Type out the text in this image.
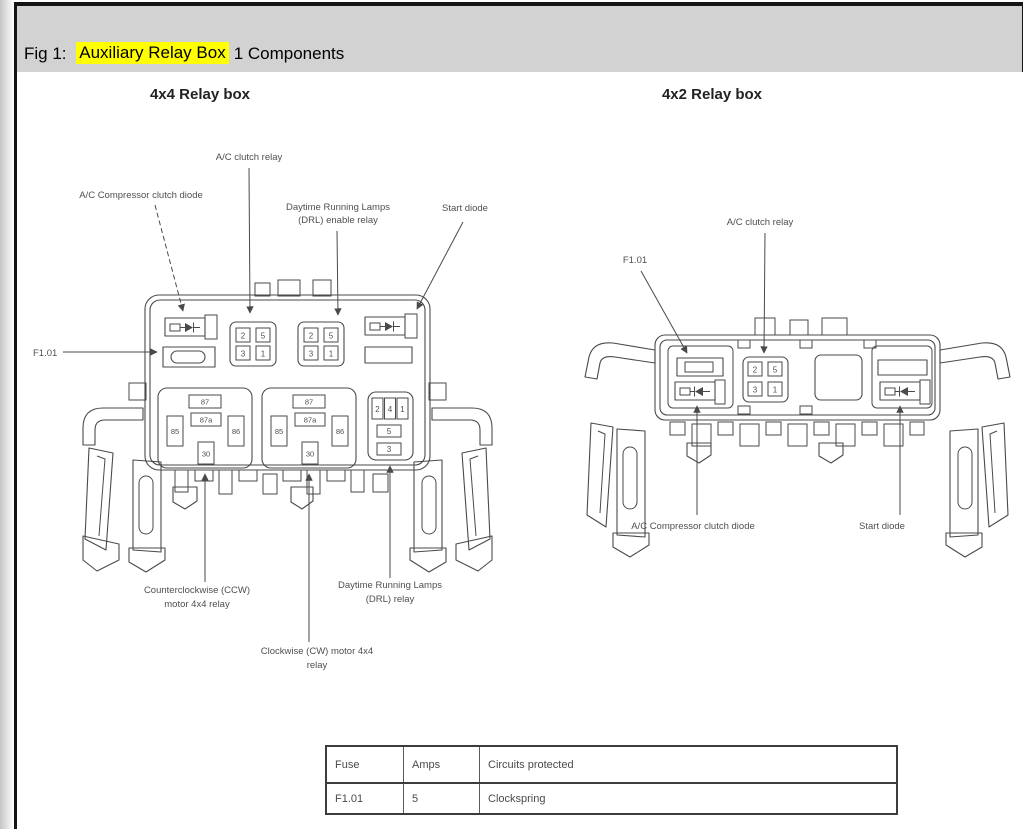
Fig 1: Auxiliary Relay Box 1 Components
4x4 Relay box	4x2 Relay box
2 5
3 1
2 5
3 1
87
87a
85	86
30
87
87a
85	86
30
2 4 1
5
3
A/C clutch relay
A/C Compressor clutch diode
Daytime Running Lamps
(DRL) enable relay
Start diode
F1.01
Counterclockwise (CCW)
motor 4x4 relay
Clockwise (CW) motor 4x4
relay
Daytime Running Lamps
(DRL) relay
2 5
3 1
A/C clutch relay
F1.01
A/C Compressor clutch diode	Start diode
Fuse	Amps	Circuits protected
F1.01	5	Clockspring
